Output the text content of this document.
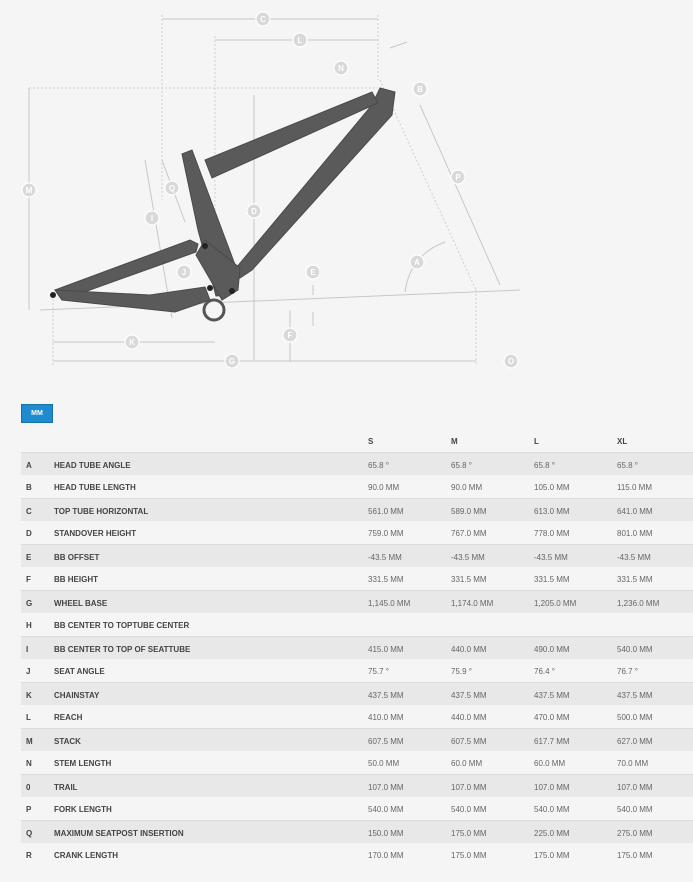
C
L
N
B
M	Q
I
D
P
J	E
A
K
F
G	O
MM
S	M	L	XL
A	HEAD TUBE ANGLE	65.8 °	65.8 °	65.8 °	65.8 °
B	HEAD TUBE LENGTH	90.0 MM	90.0 MM	105.0 MM	115.0 MM
C	TOP TUBE HORIZONTAL	561.0 MM	589.0 MM	613.0 MM	641.0 MM
D	STANDOVER HEIGHT	759.0 MM	767.0 MM	778.0 MM	801.0 MM
E	BB OFFSET	-43.5 MM	-43.5 MM	-43.5 MM	-43.5 MM
F	BB HEIGHT	331.5 MM	331.5 MM	331.5 MM	331.5 MM
G	WHEEL BASE	1,145.0 MM	1,174.0 MM	1,205.0 MM	1,236.0 MM
H	BB CENTER TO TOPTUBE CENTER
I	BB CENTER TO TOP OF SEATTUBE	415.0 MM	440.0 MM	490.0 MM	540.0 MM
J	SEAT ANGLE	75.7 °	75.9 °	76.4 °	76.7 °
K	CHAINSTAY	437.5 MM	437.5 MM	437.5 MM	437.5 MM
L	REACH	410.0 MM	440.0 MM	470.0 MM	500.0 MM
M	STACK	607.5 MM	607.5 MM	617.7 MM	627.0 MM
N	STEM LENGTH	50.0 MM	60.0 MM	60.0 MM	70.0 MM
0	TRAIL	107.0 MM	107.0 MM	107.0 MM	107.0 MM
P	FORK LENGTH	540.0 MM	540.0 MM	540.0 MM	540.0 MM
Q	MAXIMUM SEATPOST INSERTION	150.0 MM	175.0 MM	225.0 MM	275.0 MM
R	CRANK LENGTH	170.0 MM	175.0 MM	175.0 MM	175.0 MM
